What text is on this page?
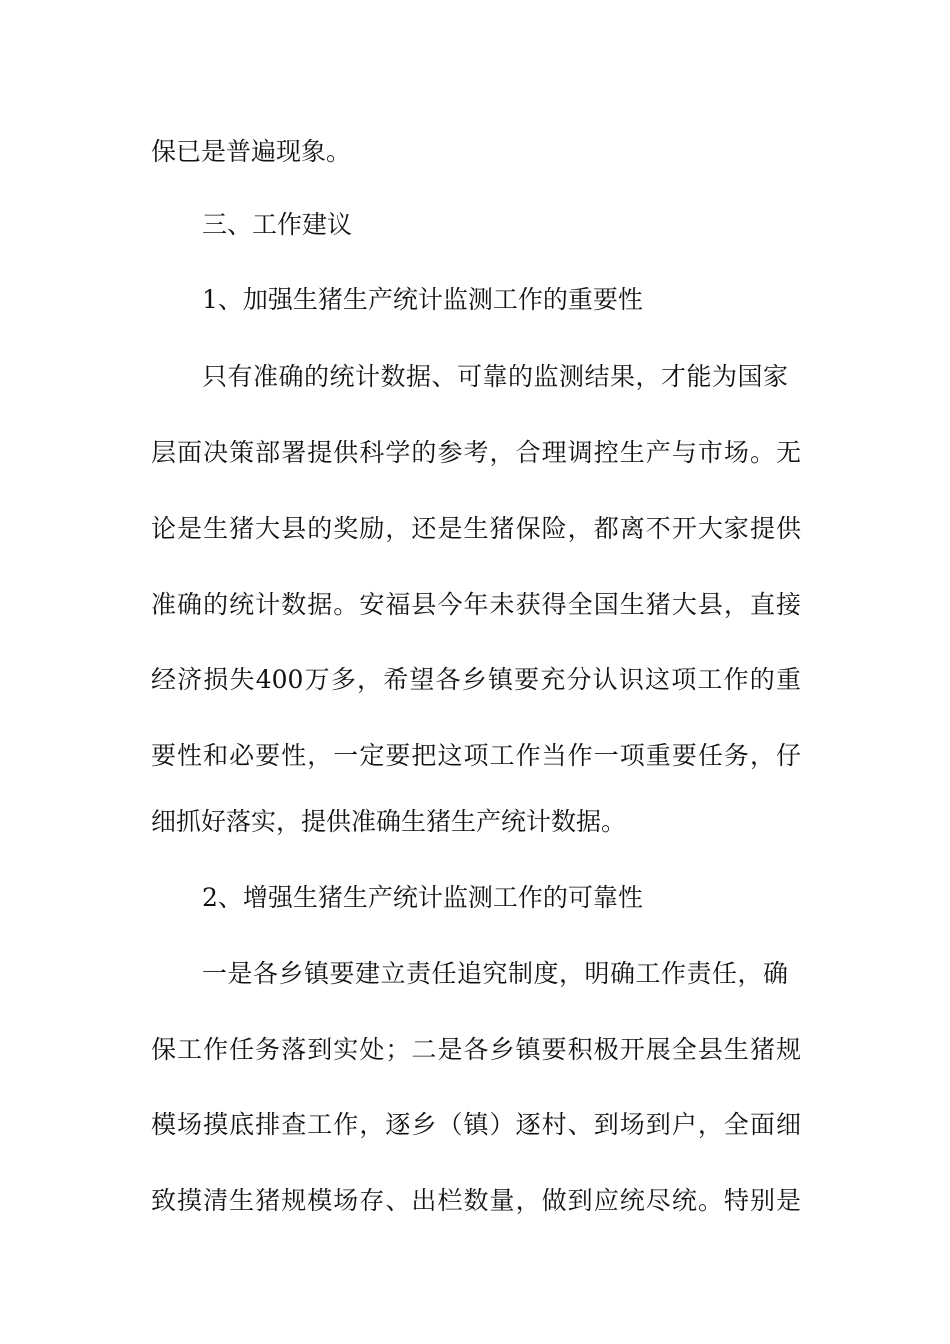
保已是普遍现象。
三、工作建议
1、加强生猪生产统计监测工作的重要性
只有准确的统计数据、可靠的监测结果，才能为国家
层面决策部署提供科学的参考，合理调控生产与市场。无
论是生猪大县的奖励，还是生猪保险，都离不开大家提供
准确的统计数据。安福县今年未获得全国生猪大县，直接
经济损失400万多，希望各乡镇要充分认识这项工作的重
要性和必要性，一定要把这项工作当作一项重要任务，仔
细抓好落实，提供准确生猪生产统计数据。
2、增强生猪生产统计监测工作的可靠性
一是各乡镇要建立责任追究制度，明确工作责任，确
保工作任务落到实处；二是各乡镇要积极开展全县生猪规
模场摸底排查工作，逐乡（镇）逐村、到场到户，全面细
致摸清生猪规模场存、出栏数量，做到应统尽统。特别是
